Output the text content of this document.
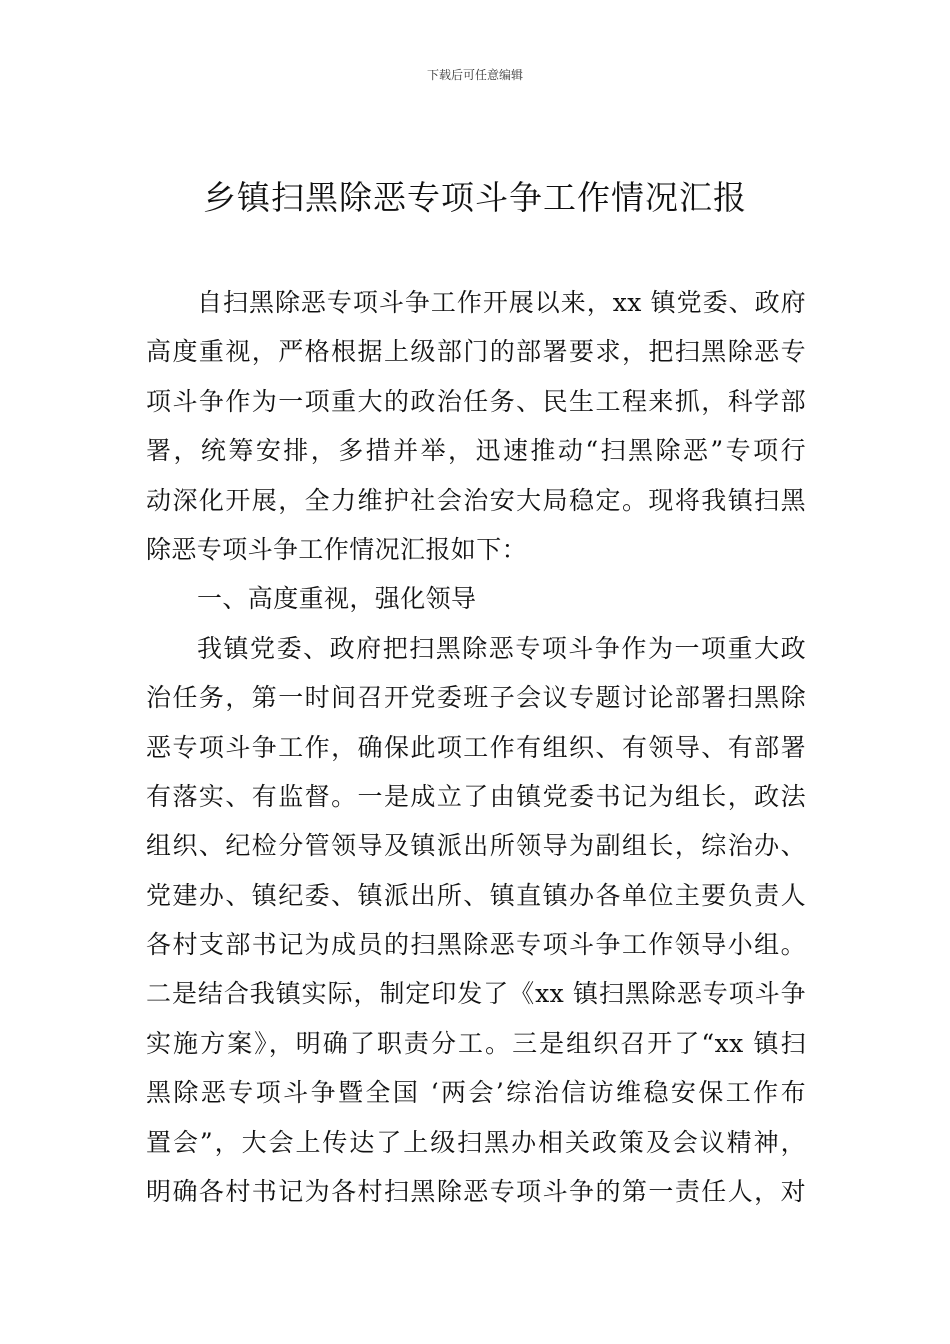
下载后可任意编辑
乡镇扫黑除恶专项斗争工作情况汇报
自扫黑除恶专项斗争工作开展以来，xx 镇党委、政府
高度重视，严格根据上级部门的部署要求，把扫黑除恶专
项斗争作为一项重大的政治任务、民生工程来抓，科学部
署，统筹安排，多措并举，迅速推动“扫黑除恶”专项行
动深化开展，全力维护社会治安大局稳定。现将我镇扫黑
除恶专项斗争工作情况汇报如下：
一、高度重视，强化领导
我镇党委、政府把扫黑除恶专项斗争作为一项重大政
治任务，第一时间召开党委班子会议专题讨论部署扫黑除
恶专项斗争工作，确保此项工作有组织、有领导、有部署
有落实、有监督。一是成立了由镇党委书记为组长，政法
组织、纪检分管领导及镇派出所领导为副组长，综治办、
党建办、镇纪委、镇派出所、镇直镇办各单位主要负责人
各村支部书记为成员的扫黑除恶专项斗争工作领导小组。
二是结合我镇实际，制定印发了《xx 镇扫黑除恶专项斗争
实施方案》，明确了职责分工。三是组织召开了“xx 镇扫
黑除恶专项斗争暨全国 ‘两会’综治信访维稳安保工作布
置会”，大会上传达了上级扫黑办相关政策及会议精神，
明确各村书记为各村扫黑除恶专项斗争的第一责任人，对
